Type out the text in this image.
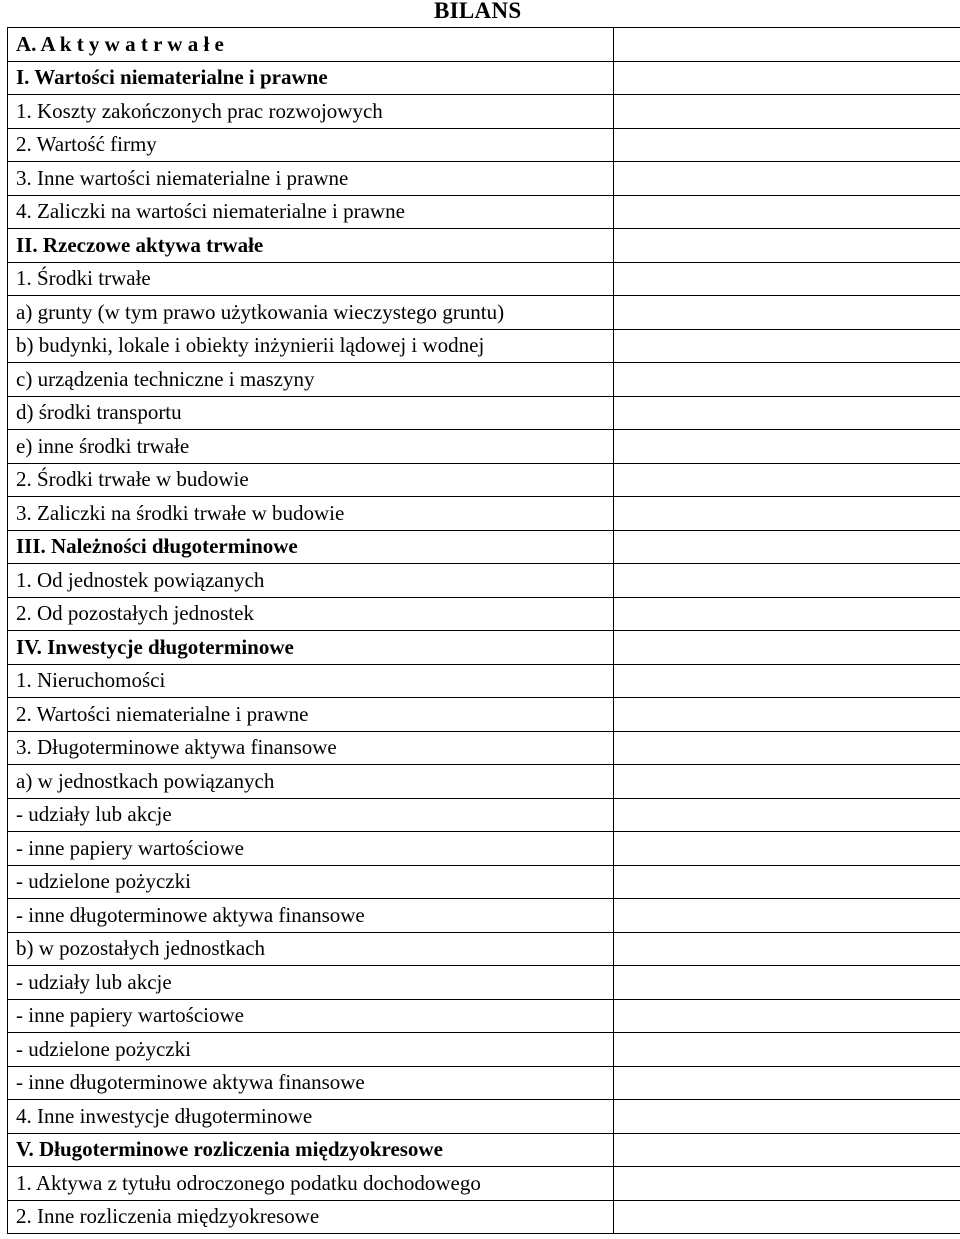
BILANS
A. A k t y w a t r w a ł e	
I. Wartości niematerialne i prawne	
1. Koszty zakończonych prac rozwojowych	
2. Wartość firmy	
3. Inne wartości niematerialne i prawne	
4. Zaliczki na wartości niematerialne i prawne	
II. Rzeczowe aktywa trwałe	
1. Środki trwałe	
a) grunty (w tym prawo użytkowania wieczystego gruntu)	
b) budynki, lokale i obiekty inżynierii lądowej i wodnej	
c) urządzenia techniczne i maszyny	
d) środki transportu	
e) inne środki trwałe	
2. Środki trwałe w budowie	
3. Zaliczki na środki trwałe w budowie	
III. Należności długoterminowe	
1. Od jednostek powiązanych	
2. Od pozostałych jednostek	
IV. Inwestycje długoterminowe	
1. Nieruchomości	
2. Wartości niematerialne i prawne	
3. Długoterminowe aktywa finansowe	
a) w jednostkach powiązanych	
- udziały lub akcje	
- inne papiery wartościowe	
- udzielone pożyczki	
- inne długoterminowe aktywa finansowe	
b) w pozostałych jednostkach	
- udziały lub akcje	
- inne papiery wartościowe	
- udzielone pożyczki	
- inne długoterminowe aktywa finansowe	
4. Inne inwestycje długoterminowe	
V. Długoterminowe rozliczenia międzyokresowe	
1. Aktywa z tytułu odroczonego podatku dochodowego	
2. Inne rozliczenia międzyokresowe	
